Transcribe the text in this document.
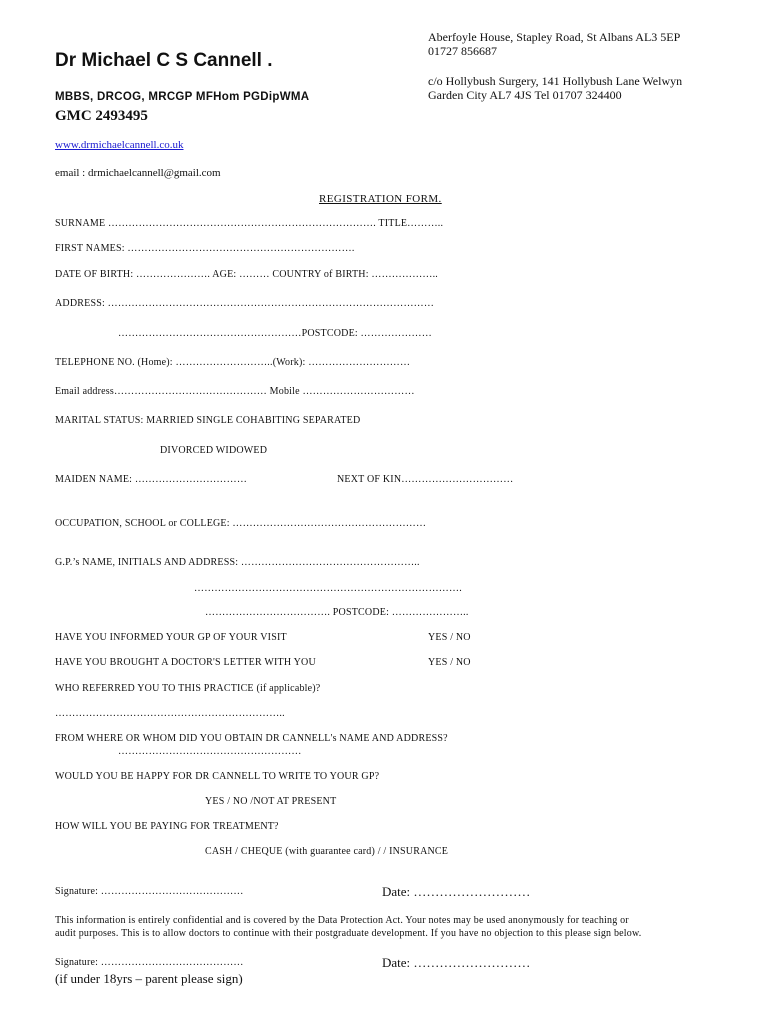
Aberfoyle House, Stapley Road, St Albans AL3 5EP
01727 856687
c/o Hollybush Surgery, 141 Hollybush Lane Welwyn
Garden City AL7 4JS Tel 01707 324400
Dr Michael C S Cannell .
MBBS, DRCOG, MRCGP MFHom PGDipWMA
GMC 2493495
www.drmichaelcannell.co.uk
email : drmichaelcannell@gmail.com
REGISTRATION FORM.
SURNAME ……………………………………………………………………. TITLE………..
FIRST NAMES: ………………………………………………………….
DATE OF BIRTH: …………………. AGE: ……… COUNTRY of BIRTH: ………………..
ADDRESS: ……………………………………………………………………………………
………………………………………………POSTCODE: …………………
TELEPHONE NO. (Home): ………………………..(Work): …………………………
Email address……………………………………… Mobile ……………………………
MARITAL STATUS: MARRIED SINGLE COHABITING SEPARATED
DIVORCED WIDOWED
MAIDEN NAME: ……………………………	NEXT OF KIN……………………………
OCCUPATION, SCHOOL or COLLEGE: …………………………………………………
G.P.’s NAME, INITIALS AND ADDRESS: ……………………………………………..
…………………………………………………………………….
………………………………. POSTCODE: …………………..
HAVE YOU INFORMED YOUR GP OF YOUR VISIT	YES / NO
HAVE YOU BROUGHT A DOCTOR'S LETTER WITH YOU	YES / NO
WHO REFERRED YOU TO THIS PRACTICE (if applicable)?
…………………………………………………………..
FROM WHERE OR WHOM DID YOU OBTAIN DR CANNELL's NAME AND ADDRESS?
………………………………………………
WOULD YOU BE HAPPY FOR DR CANNELL TO WRITE TO YOUR GP?
YES / NO /NOT AT PRESENT
HOW WILL YOU BE PAYING FOR TREATMENT?
CASH / CHEQUE (with guarantee card) / / INSURANCE
Signature: ……………………………………	Date: ………………………
This information is entirely confidential and is covered by the Data Protection Act. Your notes may be used anonymously for teaching or
audit purposes. This is to allow doctors to continue with their postgraduate development. If you have no objection to this please sign below.
Signature: ……………………………………	Date: ………………………
(if under 18yrs – parent please sign)
